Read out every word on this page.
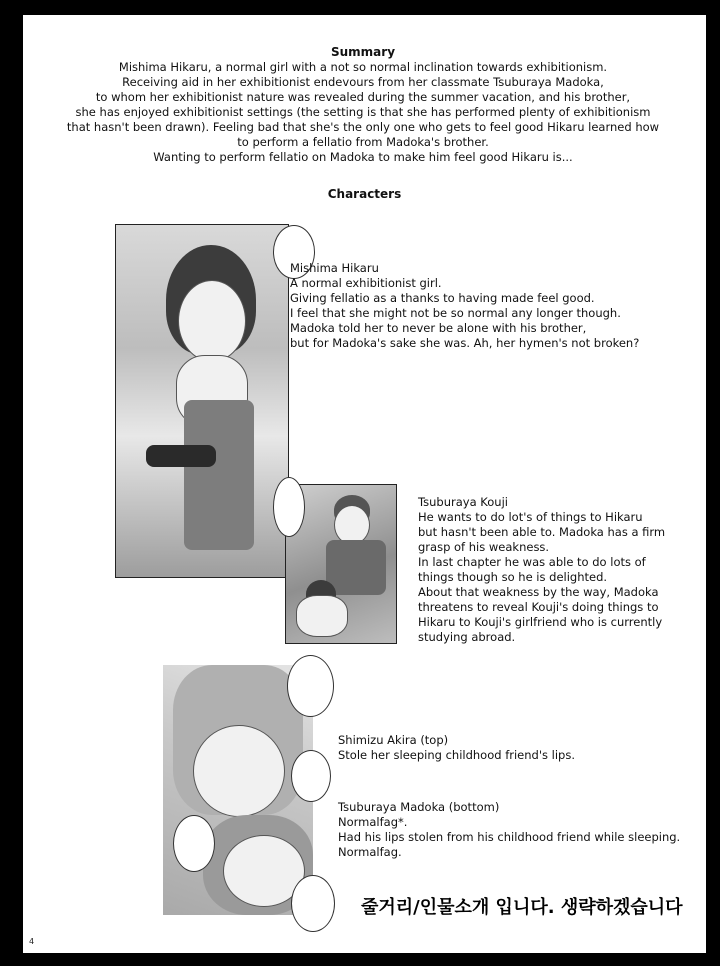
Summary
Mishima Hikaru, a normal girl with a not so normal inclination towards exhibitionism.
Receiving aid in her exhibitionist endevours from her classmate Tsuburaya Madoka,
to whom her exhibitionist nature was revealed during the summer vacation, and his brother,
she has enjoyed exhibitionist settings (the setting is that she has performed plenty of exhibitionism
that hasn't been drawn). Feeling bad that she's the only one who gets to feel good Hikaru learned how
to perform a fellatio from Madoka's brother.
Wanting to perform fellatio on Madoka to make him feel good Hikaru is...
Characters
Mishima Hikaru
A normal exhibitionist girl.
Giving fellatio as a thanks to having made feel good.
I feel that she might not be so normal any longer though.
Madoka told her to never be alone with his brother,
but for Madoka's sake she was. Ah, her hymen's not broken?
Tsuburaya Kouji
He wants to do lot's of things to Hikaru
but hasn't been able to. Madoka has a firm
grasp of his weakness.
In last chapter he was able to do lots of
things though so he is delighted.
About that weakness by the way, Madoka
threatens to reveal Kouji's doing things to
Hikaru to Kouji's girlfriend who is currently
studying abroad.
Shimizu Akira (top)
Stole her sleeping childhood friend's lips.
Tsuburaya Madoka (bottom)
Normalfag*.
Had his lips stolen from his childhood friend while sleeping.
Normalfag.
줄거리/인물소개 입니다. 생략하겠습니다
4
